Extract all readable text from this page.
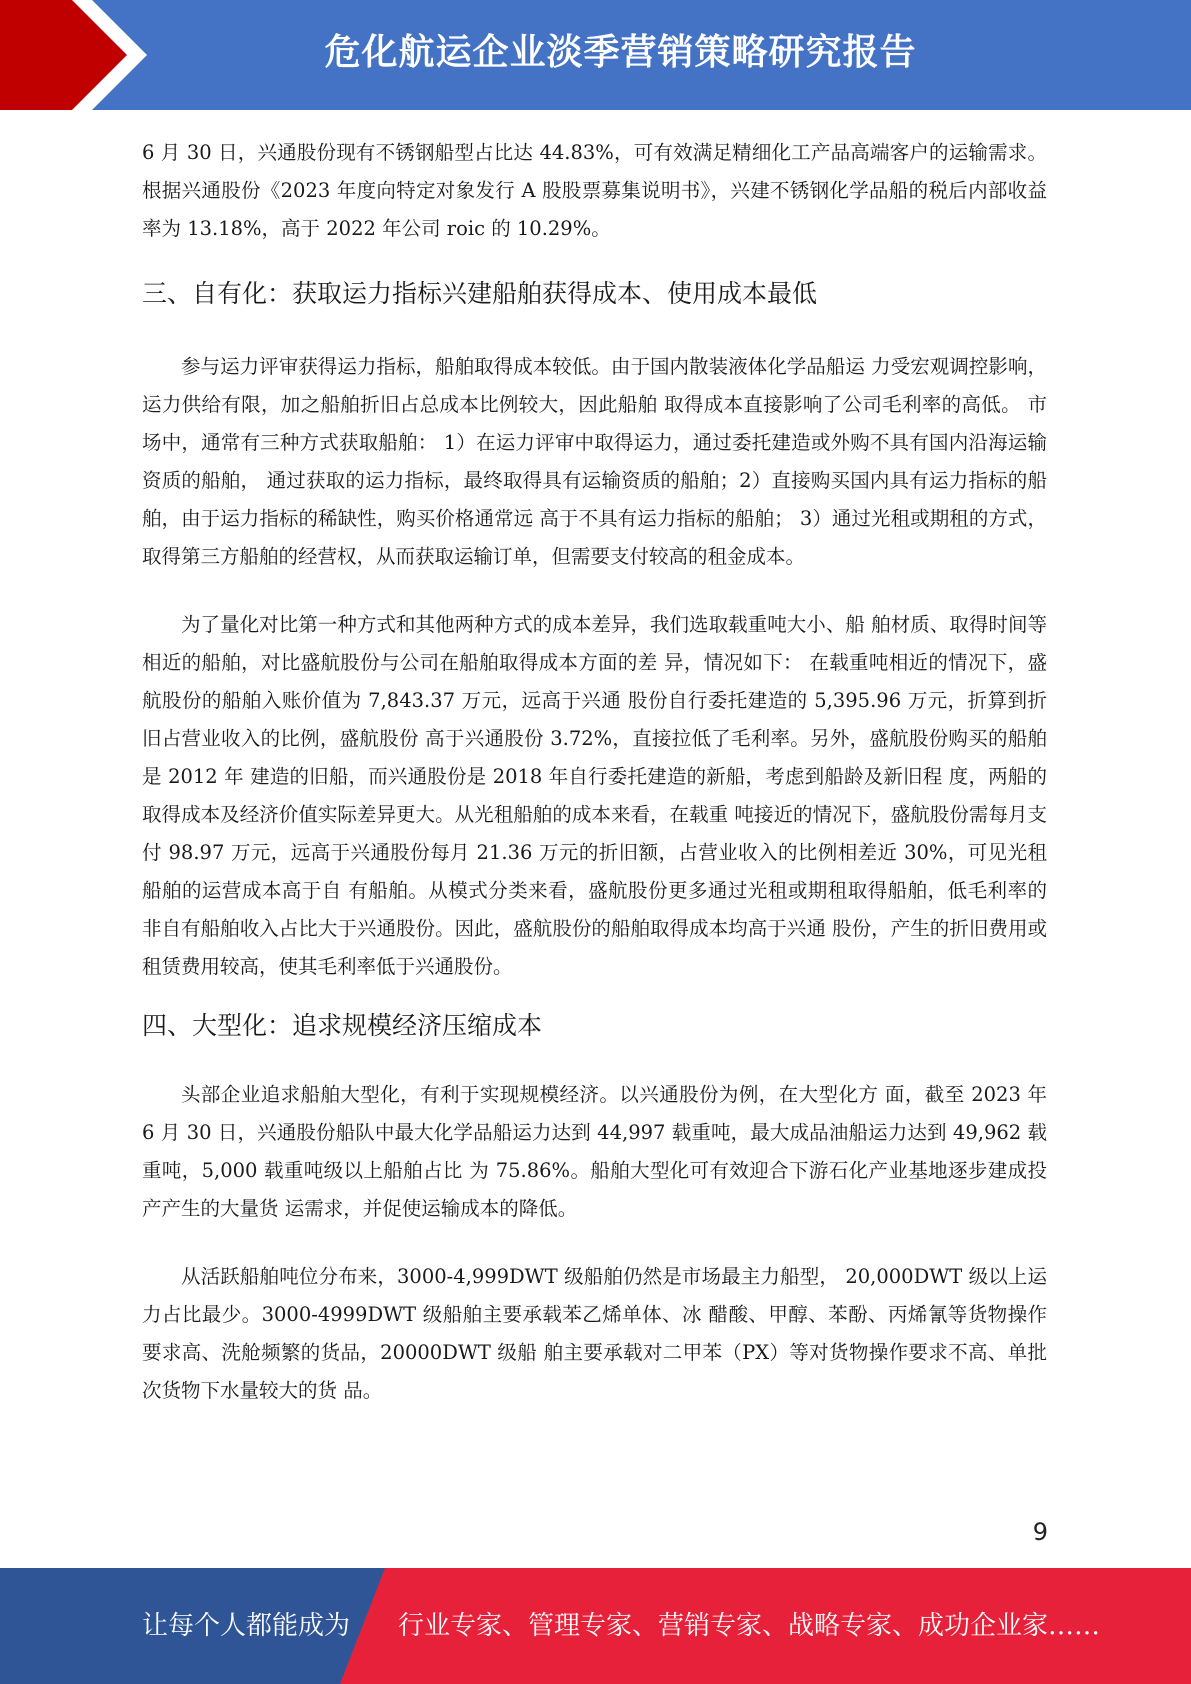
危化航运企业淡季营销策略研究报告

6 月 30 日，兴通股份现有不锈钢船型占比达 44.83%，可有效满足精细化工产品高端客户的运输需求。根据兴通股份《2023 年度向特定对象发行 A 股股票募集说明书》，兴建不锈钢化学品船的税后内部收益 率为 13.18%，高于 2022 年公司 roic 的 10.29%。

三、自有化：获取运力指标兴建船舶获得成本、使用成本最低

参与运力评审获得运力指标，船舶取得成本较低。由于国内散装液体化学品船运 力受宏观调控影响，运力供给有限，加之船舶折旧占总成本比例较大，因此船舶 取得成本直接影响了公司毛利率的高低。 市场中，通常有三种方式获取船舶： 1）在运力评审中取得运力，通过委托建造或外购不具有国内沿海运输资质的船舶， 通过获取的运力指标，最终取得具有运输资质的船舶；2）直接购买国内具有运力指标的船舶，由于运力指标的稀缺性，购买价格通常远 高于不具有运力指标的船舶； 3）通过光租或期租的方式，取得第三方船舶的经营权，从而获取运输订单，但需要支付较高的租金成本。

为了量化对比第一种方式和其他两种方式的成本差异，我们选取载重吨大小、船 舶材质、取得时间等相近的船舶，对比盛航股份与公司在船舶取得成本方面的差 异，情况如下： 在载重吨相近的情况下，盛航股份的船舶入账价值为 7,843.37 万元，远高于兴通 股份自行委托建造的 5,395.96 万元，折算到折旧占营业收入的比例，盛航股份 高于兴通股份 3.72%，直接拉低了毛利率。另外，盛航股份购买的船舶是 2012 年 建造的旧船，而兴通股份是 2018 年自行委托建造的新船，考虑到船龄及新旧程 度，两船的取得成本及经济价值实际差异更大。从光租船舶的成本来看，在载重 吨接近的情况下，盛航股份需每月支付 98.97 万元，远高于兴通股份每月 21.36 万元的折旧额，占营业收入的比例相差近 30%，可见光租船舶的运营成本高于自 有船舶。从模式分类来看，盛航股份更多通过光租或期租取得船舶，低毛利率的 非自有船舶收入占比大于兴通股份。因此，盛航股份的船舶取得成本均高于兴通 股份，产生的折旧费用或租赁费用较高，使其毛利率低于兴通股份。

四、大型化：追求规模经济压缩成本

头部企业追求船舶大型化，有利于实现规模经济。以兴通股份为例，在大型化方 面，截至 2023 年 6 月 30 日，兴通股份船队中最大化学品船运力达到 44,997 载重吨，最大成品油船运力达到 49,962 载重吨，5,000 载重吨级以上船舶占比 为 75.86%。船舶大型化可有效迎合下游石化产业基地逐步建成投产产生的大量货 运需求，并促使运输成本的降低。

从活跃船舶吨位分布来，3000-4,999DWT 级船舶仍然是市场最主力船型， 20,000DWT 级以上运力占比最少。3000-4999DWT 级船舶主要承载苯乙烯单体、冰 醋酸、甲醇、苯酚、丙烯氰等货物操作要求高、洗舱频繁的货品，20000DWT 级船 舶主要承载对二甲苯（PX）等对货物操作要求不高、单批次货物下水量较大的货 品。

9
让每个人都能成为 行业专家、管理专家、营销专家、战略专家、成功企业家……
